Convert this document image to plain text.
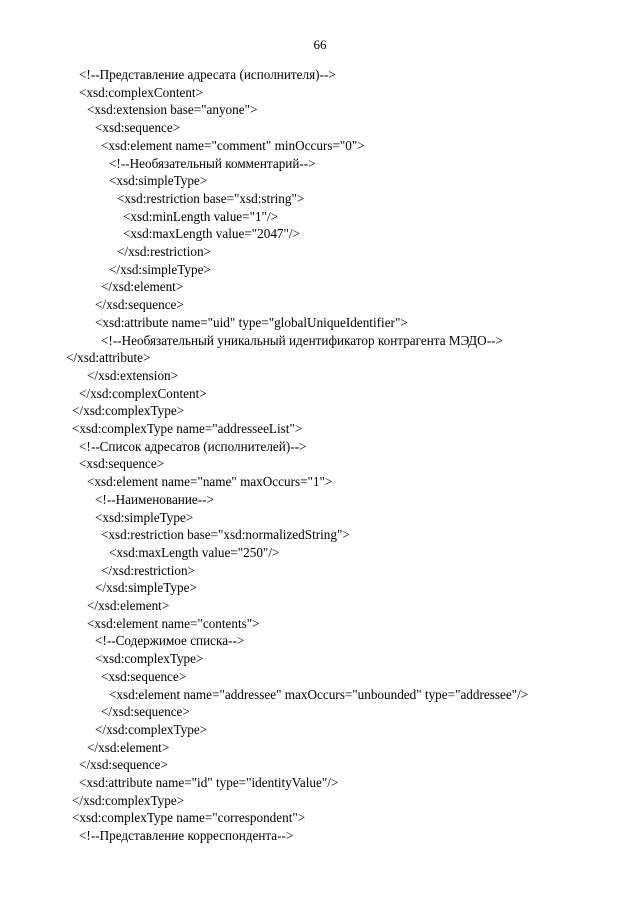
66
<!--Представление адресата (исполнителя)-->
<xsd:complexContent>
<xsd:extension base="anyone">
<xsd:sequence>
<xsd:element name="comment" minOccurs="0">
<!--Необязательный комментарий-->
<xsd:simpleType>
<xsd:restriction base="xsd:string">
<xsd:minLength value="1"/>
<xsd:maxLength value="2047"/>
</xsd:restriction>
</xsd:simpleType>
</xsd:element>
</xsd:sequence>
<xsd:attribute name="uid" type="globalUniqueIdentifier">
<!--Необязательный уникальный идентификатор контрагента МЭДО-->
</xsd:attribute>
</xsd:extension>
</xsd:complexContent>
</xsd:complexType>
<xsd:complexType name="addresseeList">
<!--Список адресатов (исполнителей)-->
<xsd:sequence>
<xsd:element name="name" maxOccurs="1">
<!--Наименование-->
<xsd:simpleType>
<xsd:restriction base="xsd:normalizedString">
<xsd:maxLength value="250"/>
</xsd:restriction>
</xsd:simpleType>
</xsd:element>
<xsd:element name="contents">
<!--Содержимое списка-->
<xsd:complexType>
<xsd:sequence>
<xsd:element name="addressee" maxOccurs="unbounded" type="addressee"/>
</xsd:sequence>
</xsd:complexType>
</xsd:element>
</xsd:sequence>
<xsd:attribute name="id" type="identityValue"/>
</xsd:complexType>
<xsd:complexType name="correspondent">
<!--Представление корреспондента-->
